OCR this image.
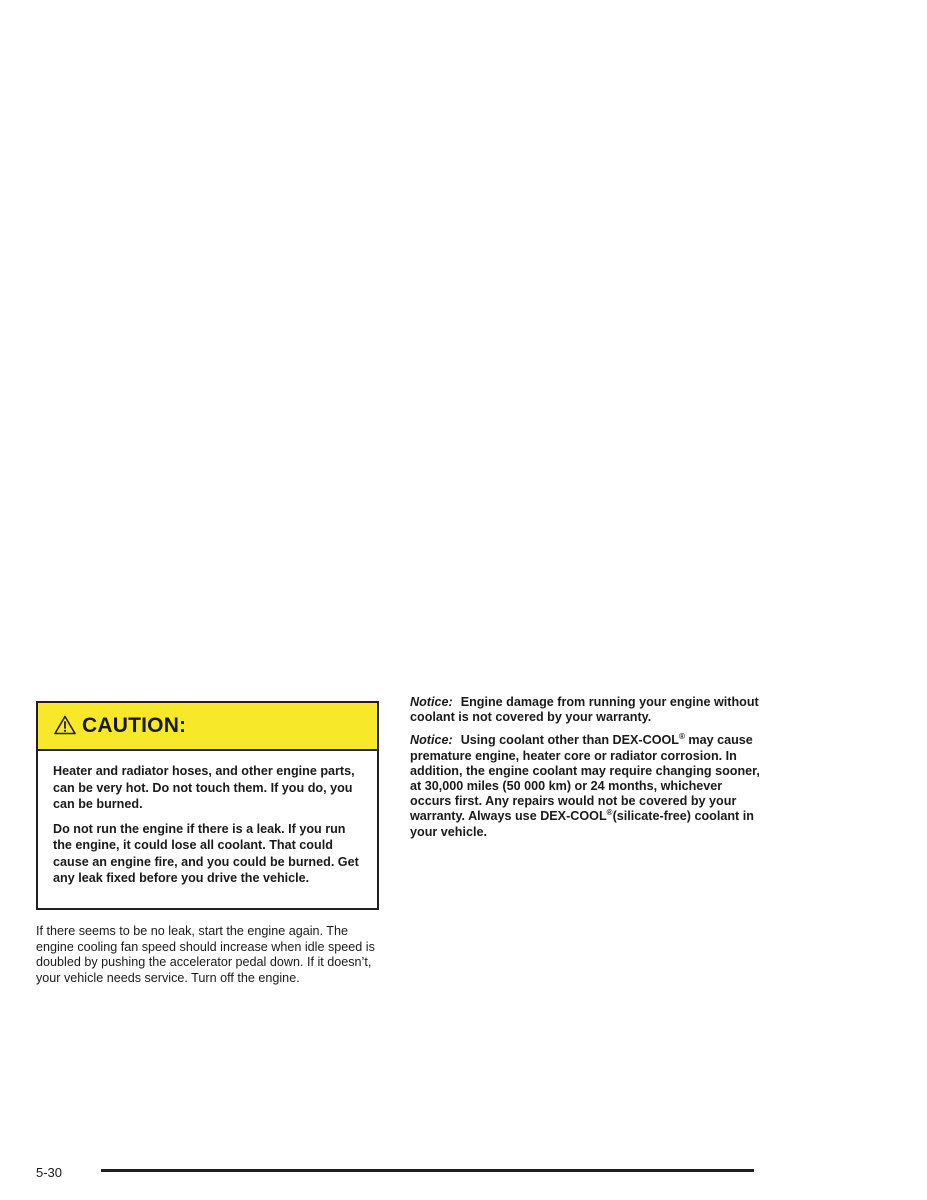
CAUTION:

Heater and radiator hoses, and other engine parts, can be very hot. Do not touch them. If you do, you can be burned.

Do not run the engine if there is a leak. If you run the engine, it could lose all coolant. That could cause an engine fire, and you could be burned. Get any leak fixed before you drive the vehicle.

If there seems to be no leak, start the engine again. The engine cooling fan speed should increase when idle speed is doubled by pushing the accelerator pedal down. If it doesn’t, your vehicle needs service. Turn off the engine.

Notice: Engine damage from running your engine without coolant is not covered by your warranty.

Notice: Using coolant other than DEX-COOL® may cause premature engine, heater core or radiator corrosion. In addition, the engine coolant may require changing sooner, at 30,000 miles (50 000 km) or 24 months, whichever occurs first. Any repairs would not be covered by your warranty. Always use DEX-COOL®(silicate-free) coolant in your vehicle.

5-30
